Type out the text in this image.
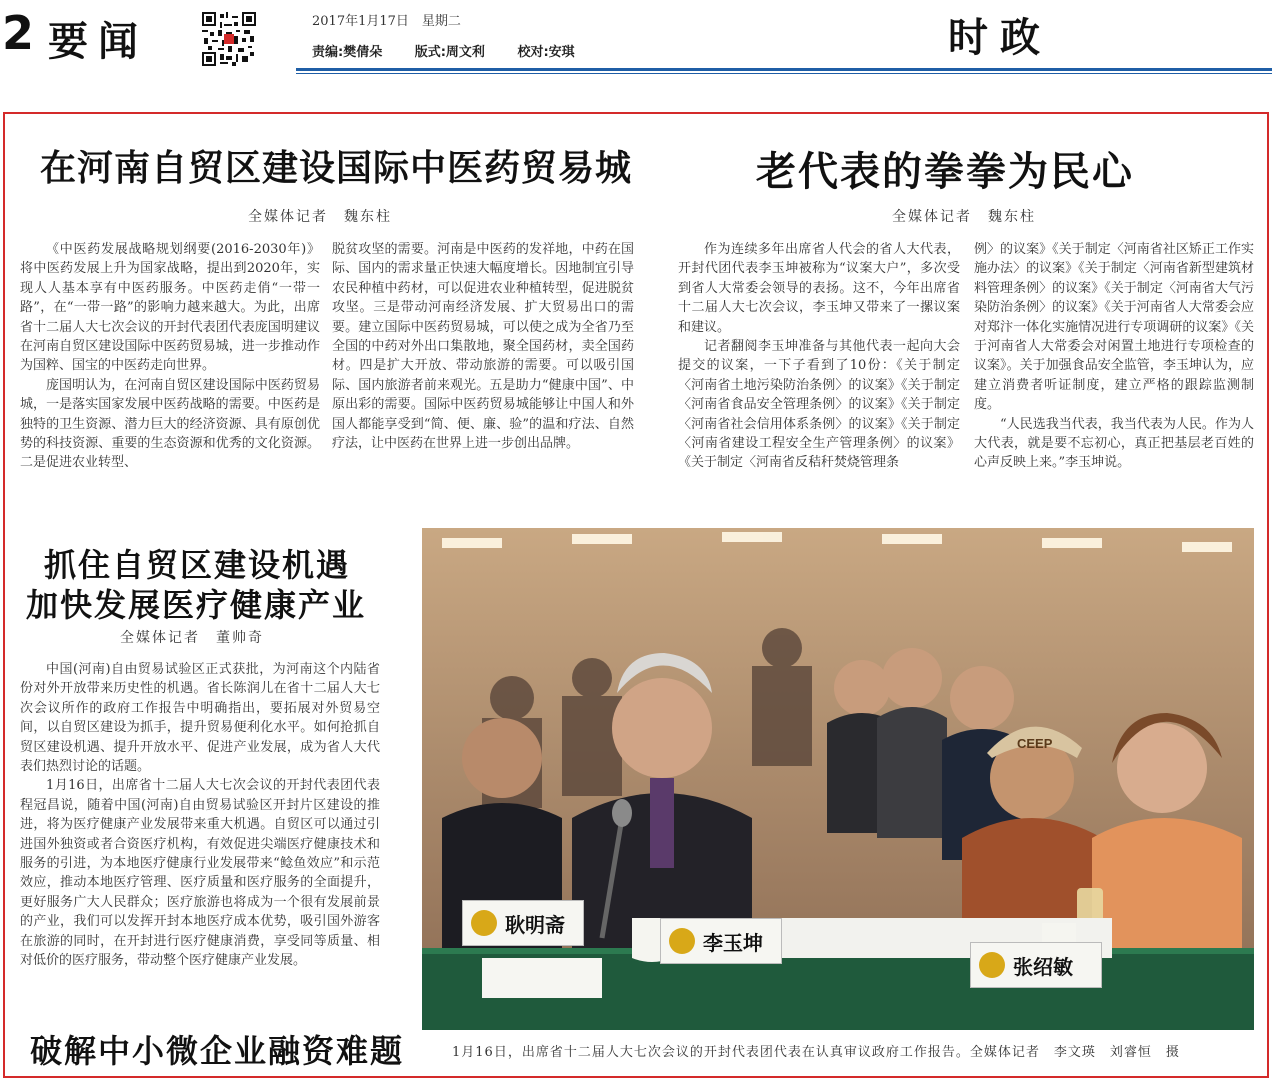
2 要闻	2017年1月17日　星期二
责编:樊倩朵	版式:周文利	校对:安琪	时政
在河南自贸区建设国际中医药贸易城
全媒体记者　魏东柱

《中医药发展战略规划纲要(2016-2030年)》将中医药发展上升为国家战略，提出到2020年，实现人人基本享有中医药服务。中医药走俏“一带一路”，在“一带一路”的影响力越来越大。为此，出席省十二届人大七次会议的开封代表团代表庞国明建议在河南自贸区建设国际中医药贸易城，进一步推动作为国粹、国宝的中医药走向世界。

庞国明认为，在河南自贸区建设国际中医药贸易城，一是落实国家发展中医药战略的需要。中医药是独特的卫生资源、潜力巨大的经济资源、具有原创优势的科技资源、重要的生态资源和优秀的文化资源。二是促进农业转型、

脱贫攻坚的需要。河南是中医药的发祥地，中药在国际、国内的需求量正快速大幅度增长。因地制宜引导农民种植中药材，可以促进农业种植转型，促进脱贫攻坚。三是带动河南经济发展、扩大贸易出口的需要。建立国际中医药贸易城，可以使之成为全省乃至全国的中药对外出口集散地，聚全国药材，卖全国药材。四是扩大开放、带动旅游的需要。可以吸引国际、国内旅游者前来观光。五是助力“健康中国”、中原出彩的需要。国际中医药贸易城能够让中国人和外国人都能享受到“简、便、廉、验”的温和疗法、自然疗法，让中医药在世界上进一步创出品牌。

老代表的拳拳为民心
全媒体记者　魏东柱

作为连续多年出席省人代会的省人大代表，开封代团代表李玉坤被称为“议案大户”，多次受到省人大常委会领导的表扬。这不，今年出席省十二届人大七次会议，李玉坤又带来了一摞议案和建议。

记者翻阅李玉坤准备与其他代表一起向大会提交的议案，一下子看到了10份：《关于制定〈河南省土地污染防治条例〉的议案》《关于制定〈河南省食品安全管理条例〉的议案》《关于制定〈河南省社会信用体系条例〉的议案》《关于制定〈河南省建设工程安全生产管理条例〉的议案》《关于制定〈河南省反秸秆焚烧管理条

例〉的议案》《关于制定〈河南省社区矫正工作实施办法〉的议案》《关于制定〈河南省新型建筑材料管理条例〉的议案》《关于制定〈河南省大气污染防治条例〉的议案》《关于河南省人大常委会应对郑汴一体化实施情况进行专项调研的议案》《关于河南省人大常委会对闲置土地进行专项检查的议案》。关于加强食品安全监管，李玉坤认为，应建立消费者听证制度，建立严格的跟踪监测制度。

“人民选我当代表，我当代表为人民。作为人大代表，就是要不忘初心，真正把基层老百姓的心声反映上来。”李玉坤说。

抓住自贸区建设机遇
加快发展医疗健康产业
全媒体记者　董帅奇

中国(河南)自由贸易试验区正式获批，为河南这个内陆省份对外开放带来历史性的机遇。省长陈润儿在省十二届人大七次会议所作的政府工作报告中明确指出，要拓展对外贸易空间，以自贸区建设为抓手，提升贸易便利化水平。如何抢抓自贸区建设机遇、提升开放水平、促进产业发展，成为省人大代表们热烈讨论的话题。

1月16日，出席省十二届人大七次会议的开封代表团代表程冠昌说，随着中国(河南)自由贸易试验区开封片区建设的推进，将为医疗健康产业发展带来重大机遇。自贸区可以通过引进国外独资或者合资医疗机构，有效促进尖端医疗健康技术和服务的引进，为本地医疗健康行业发展带来“鲶鱼效应”和示范效应，推动本地医疗管理、医疗质量和医疗服务的全面提升，更好服务广大人民群众；医疗旅游也将成为一个很有发展前景的产业，我们可以发挥开封本地医疗成本优势，吸引国外游客在旅游的同时，在开封进行医疗健康消费，享受同等质量、相对低价的医疗服务，带动整个医疗健康产业发展。

破解中小微企业融资难题
CEEP
耿明斋
李玉坤
张绍敏
1月16日，出席省十二届人大七次会议的开封代表团代表在认真审议政府工作报告。全媒体记者　李文瑛　刘睿恒　摄
